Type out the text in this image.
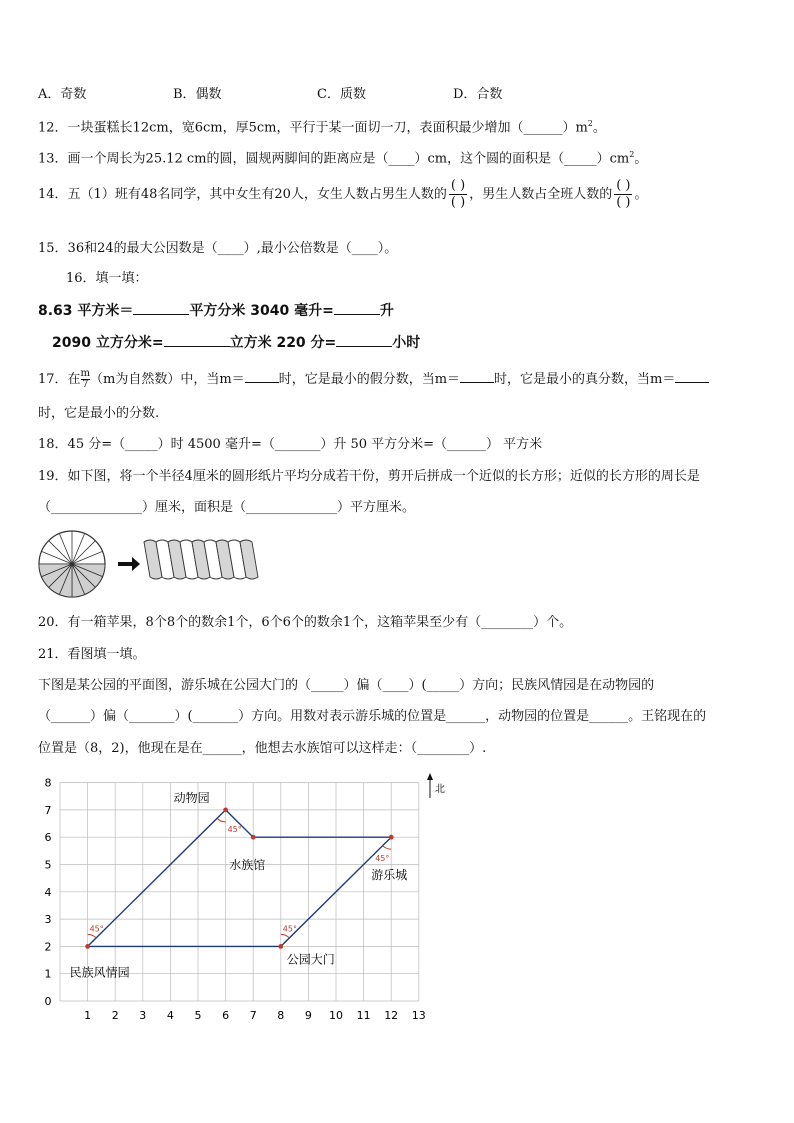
A．奇数	B．偶数	C．质数	D．合数
12．一块蛋糕长12cm，宽6cm，厚5cm，平行于某一面切一刀，表面积最少增加$(\_\_\_\_\_\_)m^2$。
13．画一个周长为25.12 cm的圆，圆规两脚间的距离应是（____）cm，这个圆的面积是$(\_\_\_\_\_)cm^2$。
14．五（1）班有48名同学，其中女生有20人，女生人数占男生人数的 $\frac{( )}{( )}$ ，男生人数占全班人数的 $\frac{( )}{( )}$ 。
15．36和24的最大公因数是（____）,最小公倍数是（____）。
16．填一填：
8.63 平方米＝	平方分米 3040 毫升=	升
2090 立方分米=	立方米 220 分=	小时
17．在 $\frac{m}{7} (m$为自然数）中，当m＝	时，它是最小的假分数，当m＝	时，它是最小的真分数，当m＝
时，它是最小的分数.
18．45 分=（_____）时 4500 毫升=（_______）升 50 平方分米=（______） 平方米
19．如下图，将一个半径4厘米的圆形纸片平均分成若干份，剪开后拼成一个近似的长方形；近似的长方形的周长是
（______________）厘米，面积是（______________）平方厘米。
20．有一箱苹果，8个8个的数余1个，6个6个的数余1个，这箱苹果至少有（________）个。
21．看图填一填。
下图是某公园的平面图，游乐城在公园大门的（_____）偏（____）(_____）方向；民族风情园是在动物园的
（______）偏（_______）(_______）方向。用数对表示游乐城的位置是______，动物园的位置是______。王铭现在的
位置是（8，2)，他现在是在______，他想去水族馆可以这样走：（________）.
1 2 3 4 5 6 7 8 9 10 11 12 13
0
1
2
3
4
5
6
7
8	北
45°
45°
45°
45°
民族风情园
动物园
水族馆
游乐城
公园大门
